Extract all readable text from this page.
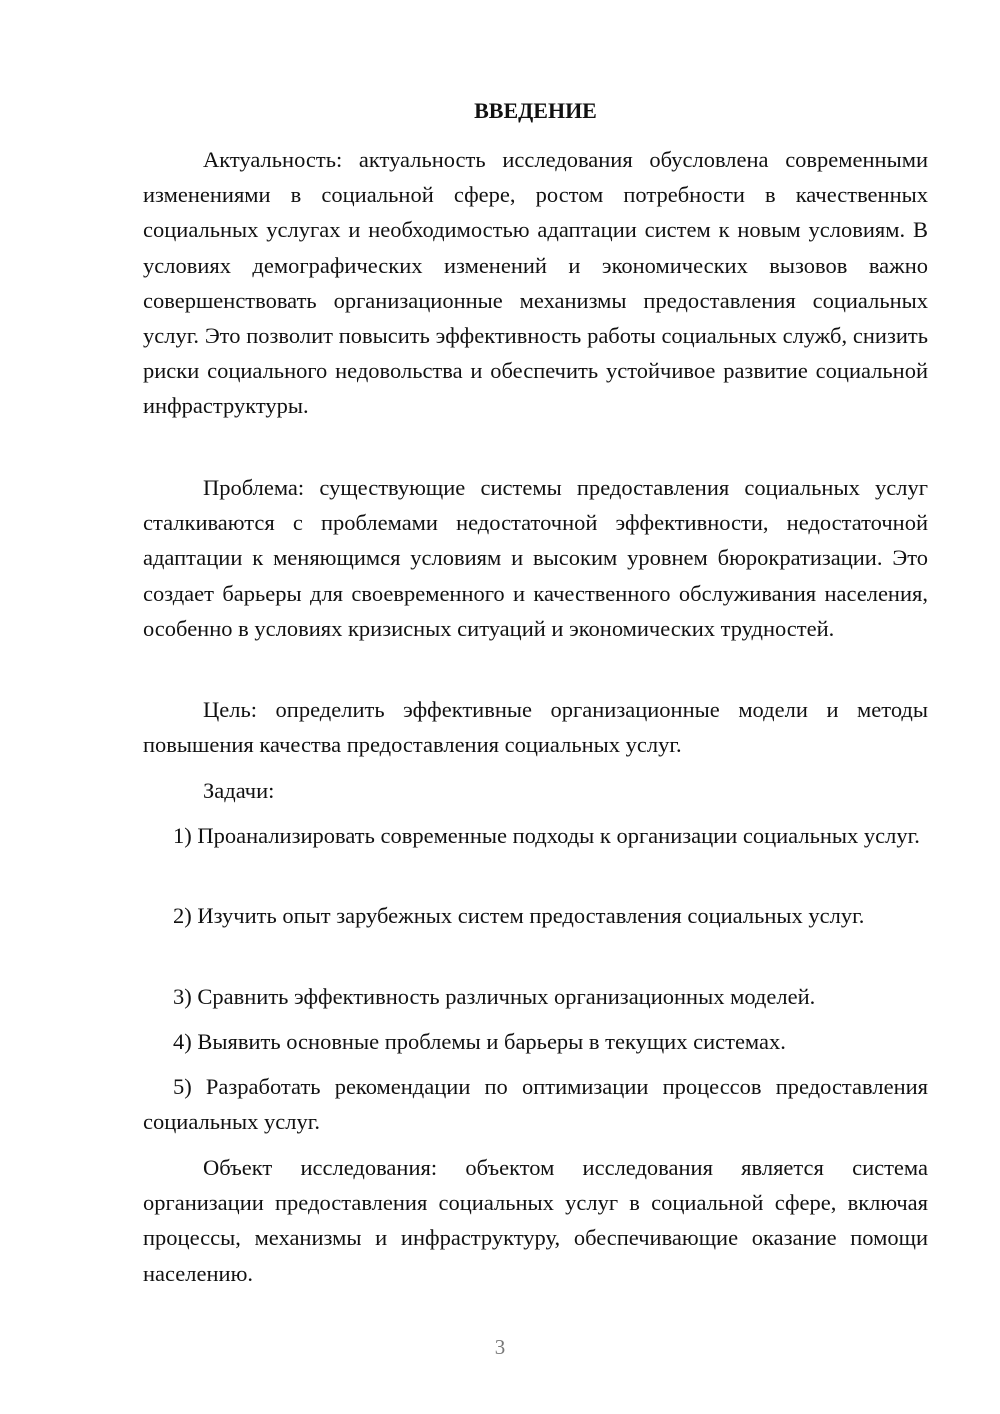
ВВЕДЕНИЕ

Актуальность: актуальность исследования обусловлена современными изменениями в социальной сфере, ростом потребности в качественных социальных услугах и необходимостью адаптации систем к новым условиям. В условиях демографических изменений и экономических вызовов важно совершенствовать организационные механизмы предоставления социальных услуг. Это позволит повысить эффективность работы социальных служб, снизить риски социального недовольства и обеспечить устойчивое развитие социальной инфраструктуры.

Проблема: существующие системы предоставления социальных услуг сталкиваются с проблемами недостаточной эффективности, недостаточной адаптации к меняющимся условиям и высоким уровнем бюрократизации. Это создает барьеры для своевременного и качественного обслуживания населения, особенно в условиях кризисных ситуаций и экономических трудностей.

Цель: определить эффективные организационные модели и методы повышения качества предоставления социальных услуг.

Задачи:

1) Проанализировать современные подходы к организации социальных услуг.

2) Изучить опыт зарубежных систем предоставления социальных услуг.

3) Сравнить эффективность различных организационных моделей.

4) Выявить основные проблемы и барьеры в текущих системах.

5) Разработать рекомендации по оптимизации процессов предоставления социальных услуг.

Объект исследования: объектом исследования является система организации предоставления социальных услуг в социальной сфере, включая процессы, механизмы и инфраструктуру, обеспечивающие оказание помощи населению.

3
